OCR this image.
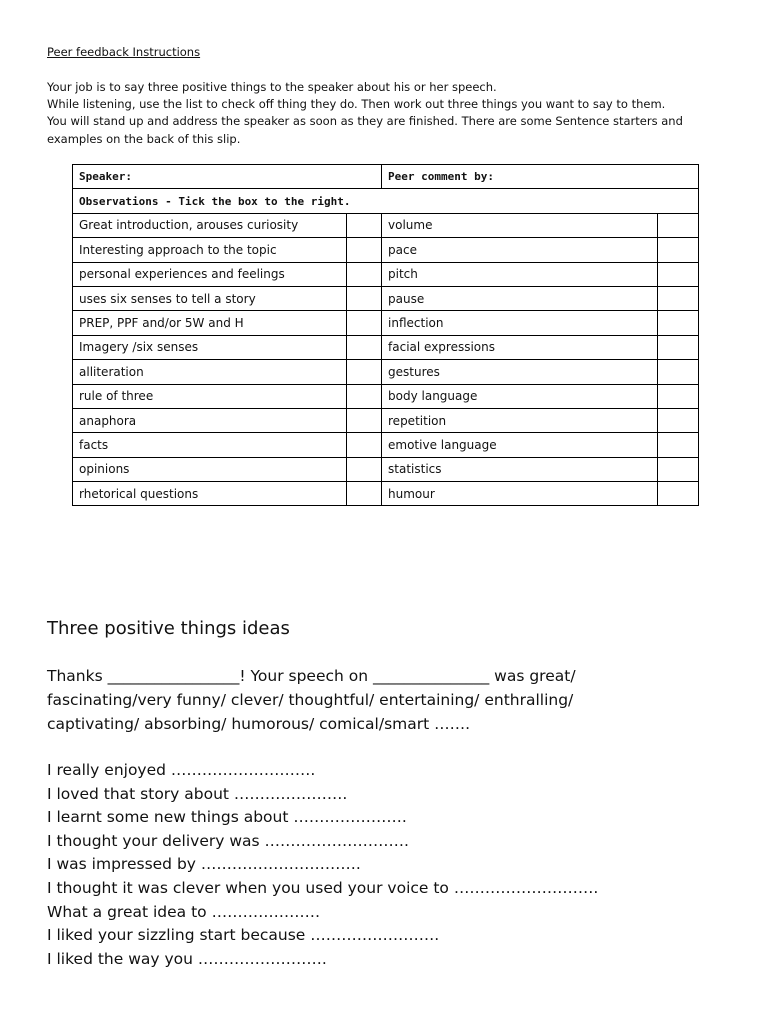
Peer feedback Instructions

Your job is to say three positive things to the speaker about his or her speech.

While listening, use the list to check off thing they do. Then work out three things you want to say to them.

You will stand up and address the speaker as soon as they are finished. There are some Sentence starters and examples on the back of this slip.

Speaker:		Peer comment by:	
Observations - Tick the box to the right.			
Great introduction, arouses curiosity		volume	
Interesting approach to the topic		pace	
personal experiences and feelings		pitch	
uses six senses to tell a story		pause	
PREP, PPF and/or 5W and H		inflection	
Imagery /six senses		facial expressions	
alliteration		gestures	
rule of three		body language	
anaphora		repetition	
facts		emotive language	
opinions		statistics	
rhetorical questions		humour	
Three positive things ideas

Thanks _________________! Your speech on _______________ was great/

fascinating/very funny/ clever/ thoughtful/ entertaining/ enthralling/

captivating/ absorbing/ humorous/ comical/smart …….

I really enjoyed ……………………….
I loved that story about ………………….
I learnt some new things about ………………….
I thought your delivery was ……………………….
I was impressed by ………………………….
I thought it was clever when you used your voice to ……………………….
What a great idea to …………………
I liked your sizzling start because …………………….
I liked the way you …………………….
